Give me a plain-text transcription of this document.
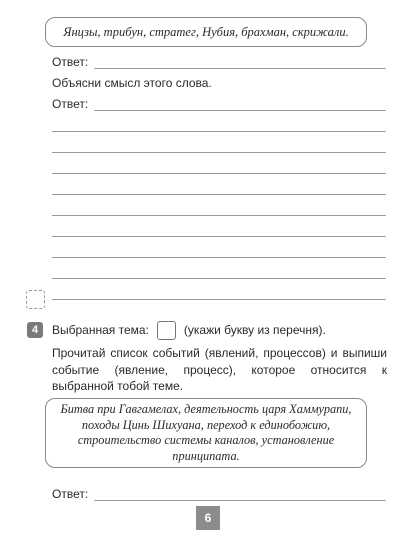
Янцзы, трибун, стратег, Нубия, брахман, скрижали.
Ответ:
Объясни смысл этого слова.
Ответ:
4	Выбранная тема:	(укажи букву из перечня).
Прочитай список событий (явлений, процессов) и выпиши событие (явление, процесс), которое относится к выбранной тобой теме.
Битва при Гавгамелах, деятельность царя Хаммурапи, походы Цинь Шихуана, переход к единобожию, строительство системы каналов, установление принципата.
Ответ:
6
